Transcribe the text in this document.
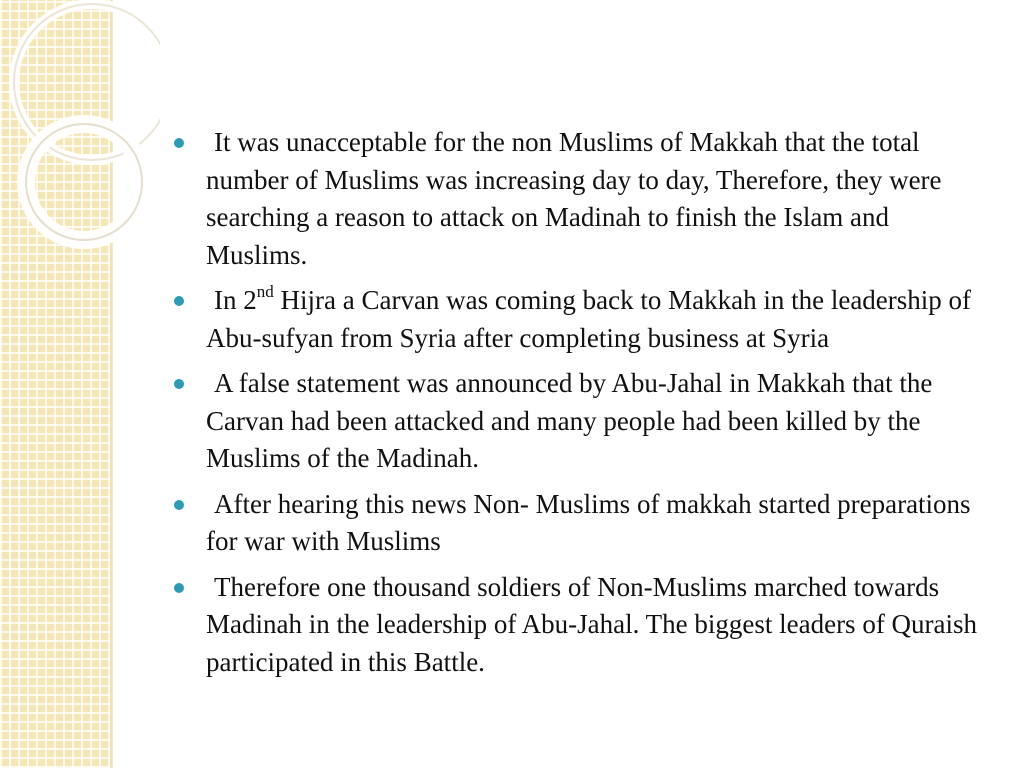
It was unacceptable for the non Muslims of Makkah that the total number of Muslims was increasing day to day, Therefore, they were searching a reason to attack on Madinah to finish the Islam and Muslims.
In 2nd Hijra a Carvan was coming back to Makkah in the leadership of Abu-sufyan from Syria after completing business at Syria
A false statement was announced by Abu-Jahal in Makkah that the Carvan had been attacked and many people had been killed by the Muslims of the Madinah.
After hearing this news Non- Muslims of makkah started preparations for war with Muslims
Therefore one thousand soldiers of Non-Muslims marched towards Madinah in the leadership of Abu-Jahal. The biggest leaders of Quraish participated in this Battle.
